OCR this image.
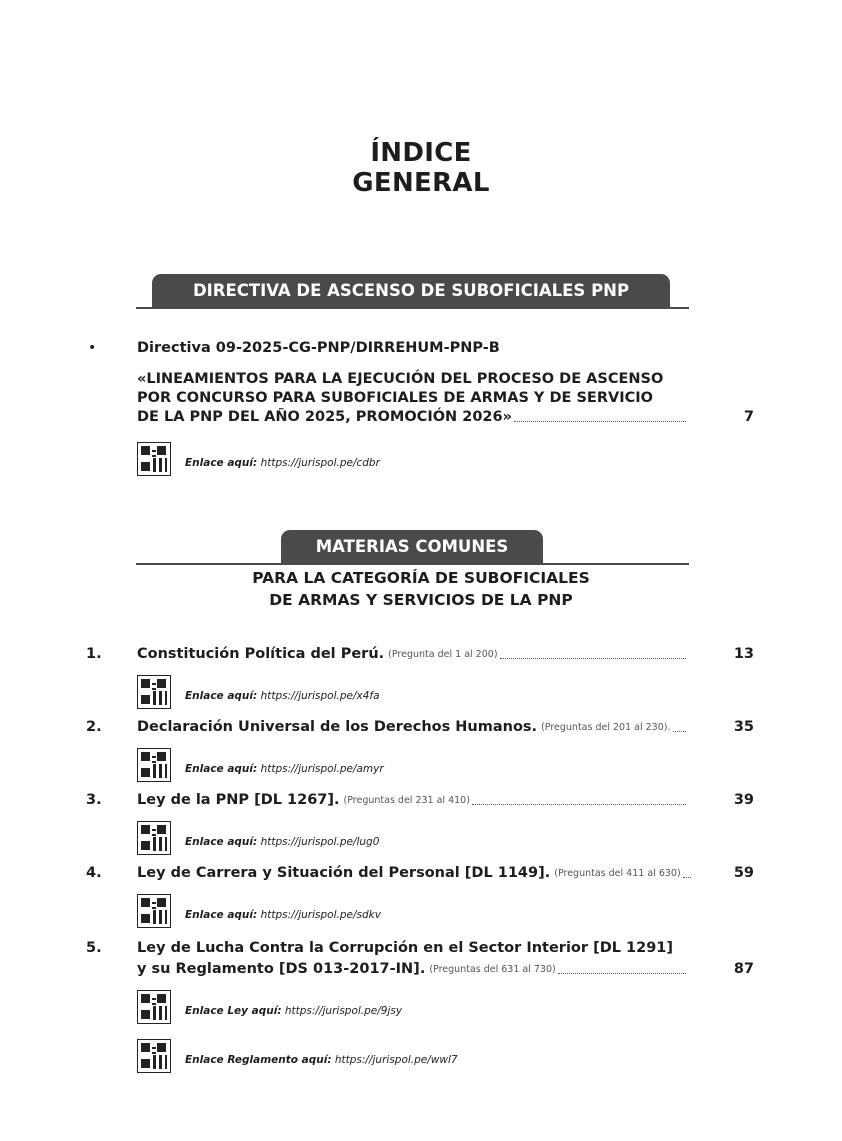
ÍNDICE
GENERAL
DIRECTIVA DE ASCENSO DE SUBOFICIALES PNP
•	Directiva 09-2025-CG-PNP/DIRREHUM-PNP-B
«LINEAMIENTOS PARA LA EJECUCIÓN DEL PROCESO DE ASCENSO
POR CONCURSO PARA SUBOFICIALES DE ARMAS Y DE SERVICIO
DE LA PNP DEL AÑO 2025, PROMOCIÓN 2026»	7
Enlace aquí: https://jurispol.pe/cdbr
MATERIAS COMUNES
PARA LA CATEGORÍA DE SUBOFICIALES
DE ARMAS Y SERVICIOS DE LA PNP
1. Constitución Política del Perú. (Pregunta del 1 al 200)	13
Enlace aquí: https://jurispol.pe/x4fa
2. Declaración Universal de los Derechos Humanos. (Preguntas del 201 al 230).	35
Enlace aquí: https://jurispol.pe/amyr
3. Ley de la PNP [DL 1267]. (Preguntas del 231 al 410)	39
Enlace aquí: https://jurispol.pe/lug0
4. Ley de Carrera y Situación del Personal [DL 1149]. (Preguntas del 411 al 630)	59
Enlace aquí: https://jurispol.pe/sdkv
5. Ley de Lucha Contra la Corrupción en el Sector Interior [DL 1291]
y su Reglamento [DS 013-2017-IN]. (Preguntas del 631 al 730)	87
Enlace Ley aquí: https://jurispol.pe/9jsy
Enlace Reglamento aquí: https://jurispol.pe/wwl7
